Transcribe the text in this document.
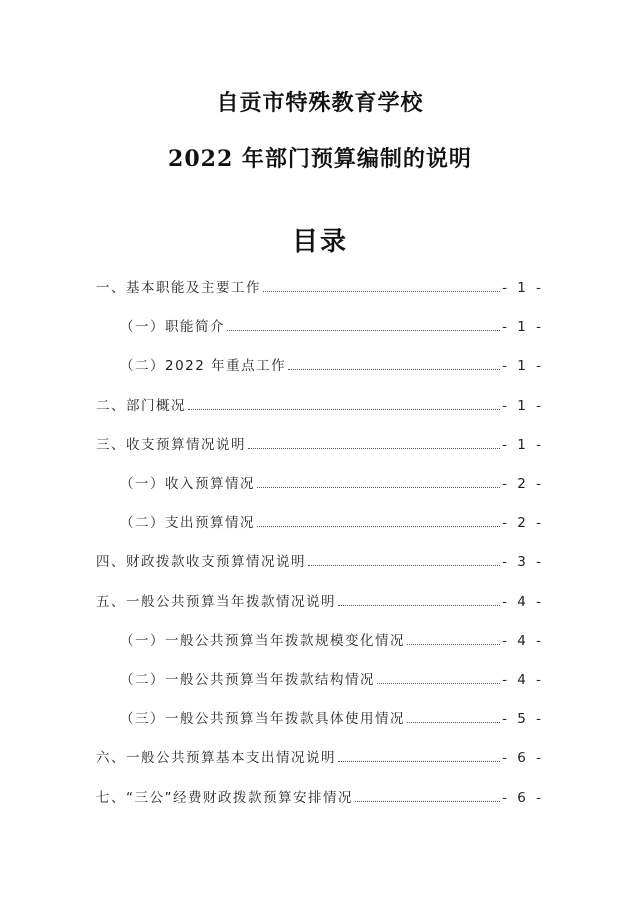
自贡市特殊教育学校
2022 年部门预算编制的说明
目录
一、基本职能及主要工作	- 1 -
（一）职能简介	- 1 -
（二）2022 年重点工作	- 1 -
二、部门概况	- 1 -
三、收支预算情况说明	- 1 -
（一）收入预算情况	- 2 -
（二）支出预算情况	- 2 -
四、财政拨款收支预算情况说明	- 3 -
五、一般公共预算当年拨款情况说明	- 4 -
（一）一般公共预算当年拨款规模变化情况	- 4 -
（二）一般公共预算当年拨款结构情况	- 4 -
（三）一般公共预算当年拨款具体使用情况	- 5 -
六、一般公共预算基本支出情况说明	- 6 -
七、“三公”经费财政拨款预算安排情况	- 6 -
